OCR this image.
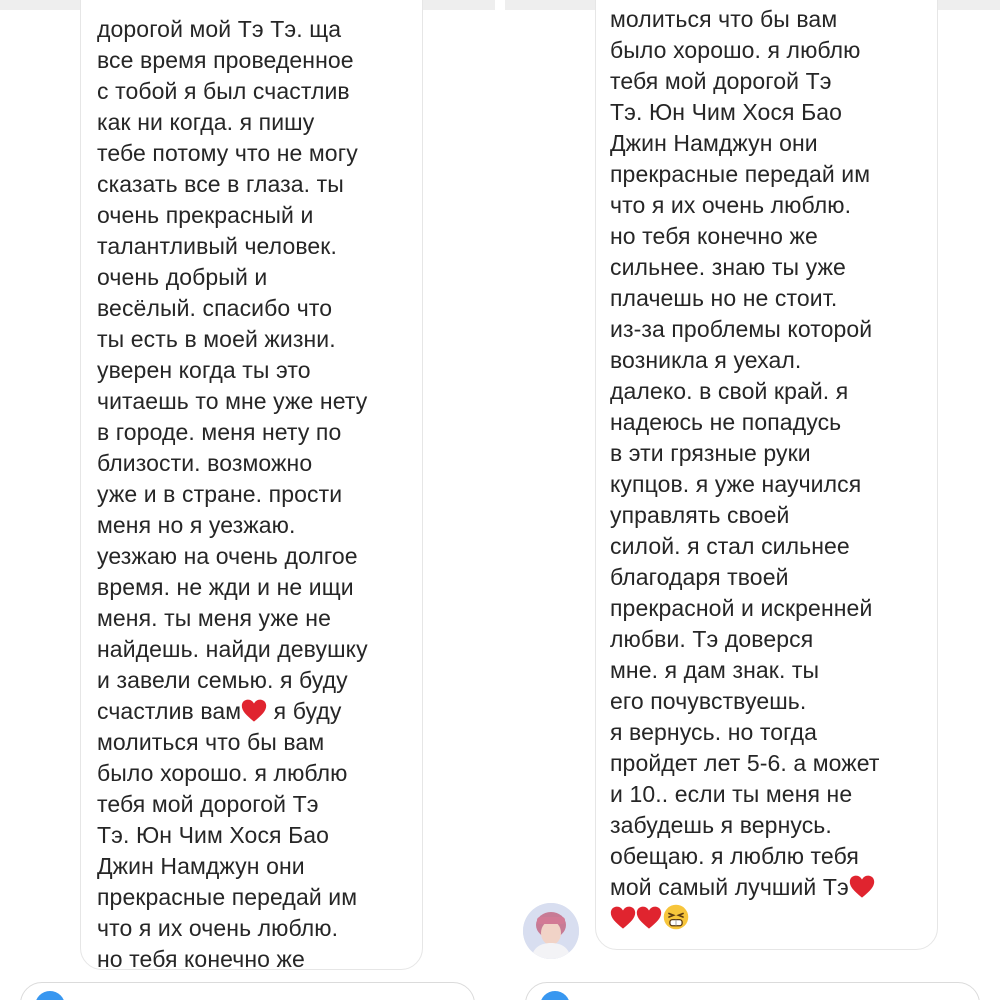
дорогой мой Тэ Тэ. ща
все время проведенное
с тобой я был счастлив
как ни когда. я пишу
тебе потому что не могу
сказать все в глаза. ты
очень прекрасный и
талантливый человек.
очень добрый и
весёлый. спасибо что
ты есть в моей жизни.
уверен когда ты это
читаешь то мне уже нету
в городе. меня нету по
близости. возможно
уже и в стране. прости
меня но я уезжаю.
уезжаю на очень долгое
время. не жди и не ищи
меня. ты меня уже не
найдешь. найди девушку
и завели семью. я буду
счастлив вам я буду
молиться что бы вам
было хорошо. я люблю
тебя мой дорогой Тэ
Тэ. Юн Чим Хося Бао
Джин Намджун они
прекрасные передай им
что я их очень люблю.
но тебя конечно же
молиться что бы вам
было хорошо. я люблю
тебя мой дорогой Тэ
Тэ. Юн Чим Хося Бао
Джин Намджун они
прекрасные передай им
что я их очень люблю.
но тебя конечно же
сильнее. знаю ты уже
плачешь но не стоит.
из-за проблемы которой
возникла я уехал.
далеко. в свой край. я
надеюсь не попадусь
в эти грязные руки
купцов. я уже научился
управлять своей
силой. я стал сильнее
благодаря твоей
прекрасной и искренней
любви. Тэ доверся
мне. я дам знак. ты
его почувствуешь.
я вернусь. но тогда
пройдет лет 5-6. а может
и 10.. если ты меня не
забудешь я вернусь.
обещаю. я люблю тебя
мой самый лучший Тэ
